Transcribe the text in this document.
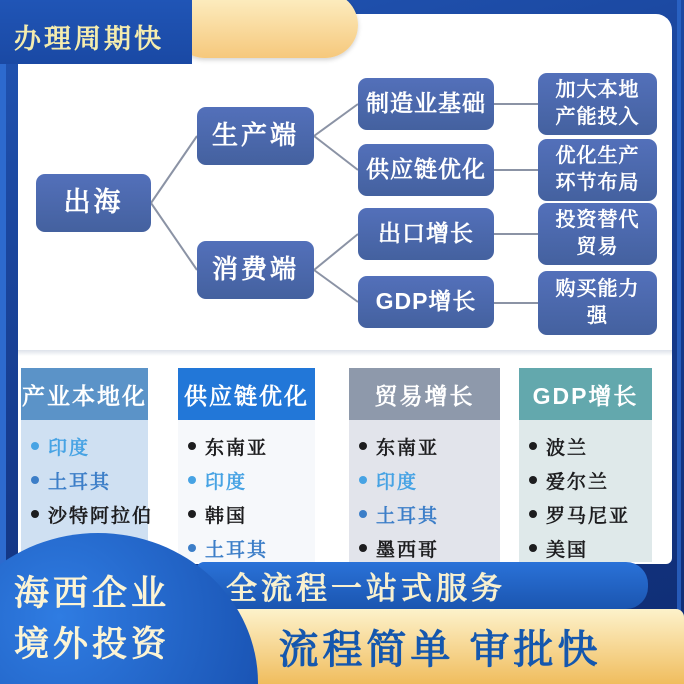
出海
生产端
消费端
制造业基础
供应链优化
出口增长
GDP增长
加大本地产能投入
优化生产环节布局
投资替代贸易
购买能力强
产业本地化
印度
土耳其
沙特阿拉伯
供应链优化
东南亚
印度
韩国
土耳其
贸易增长
东南亚
印度
土耳其
墨西哥
GDP增长
波兰
爱尔兰
罗马尼亚
美国
办理周期快
全流程一站式服务
流程简单 审批快
海西企业
境外投资
